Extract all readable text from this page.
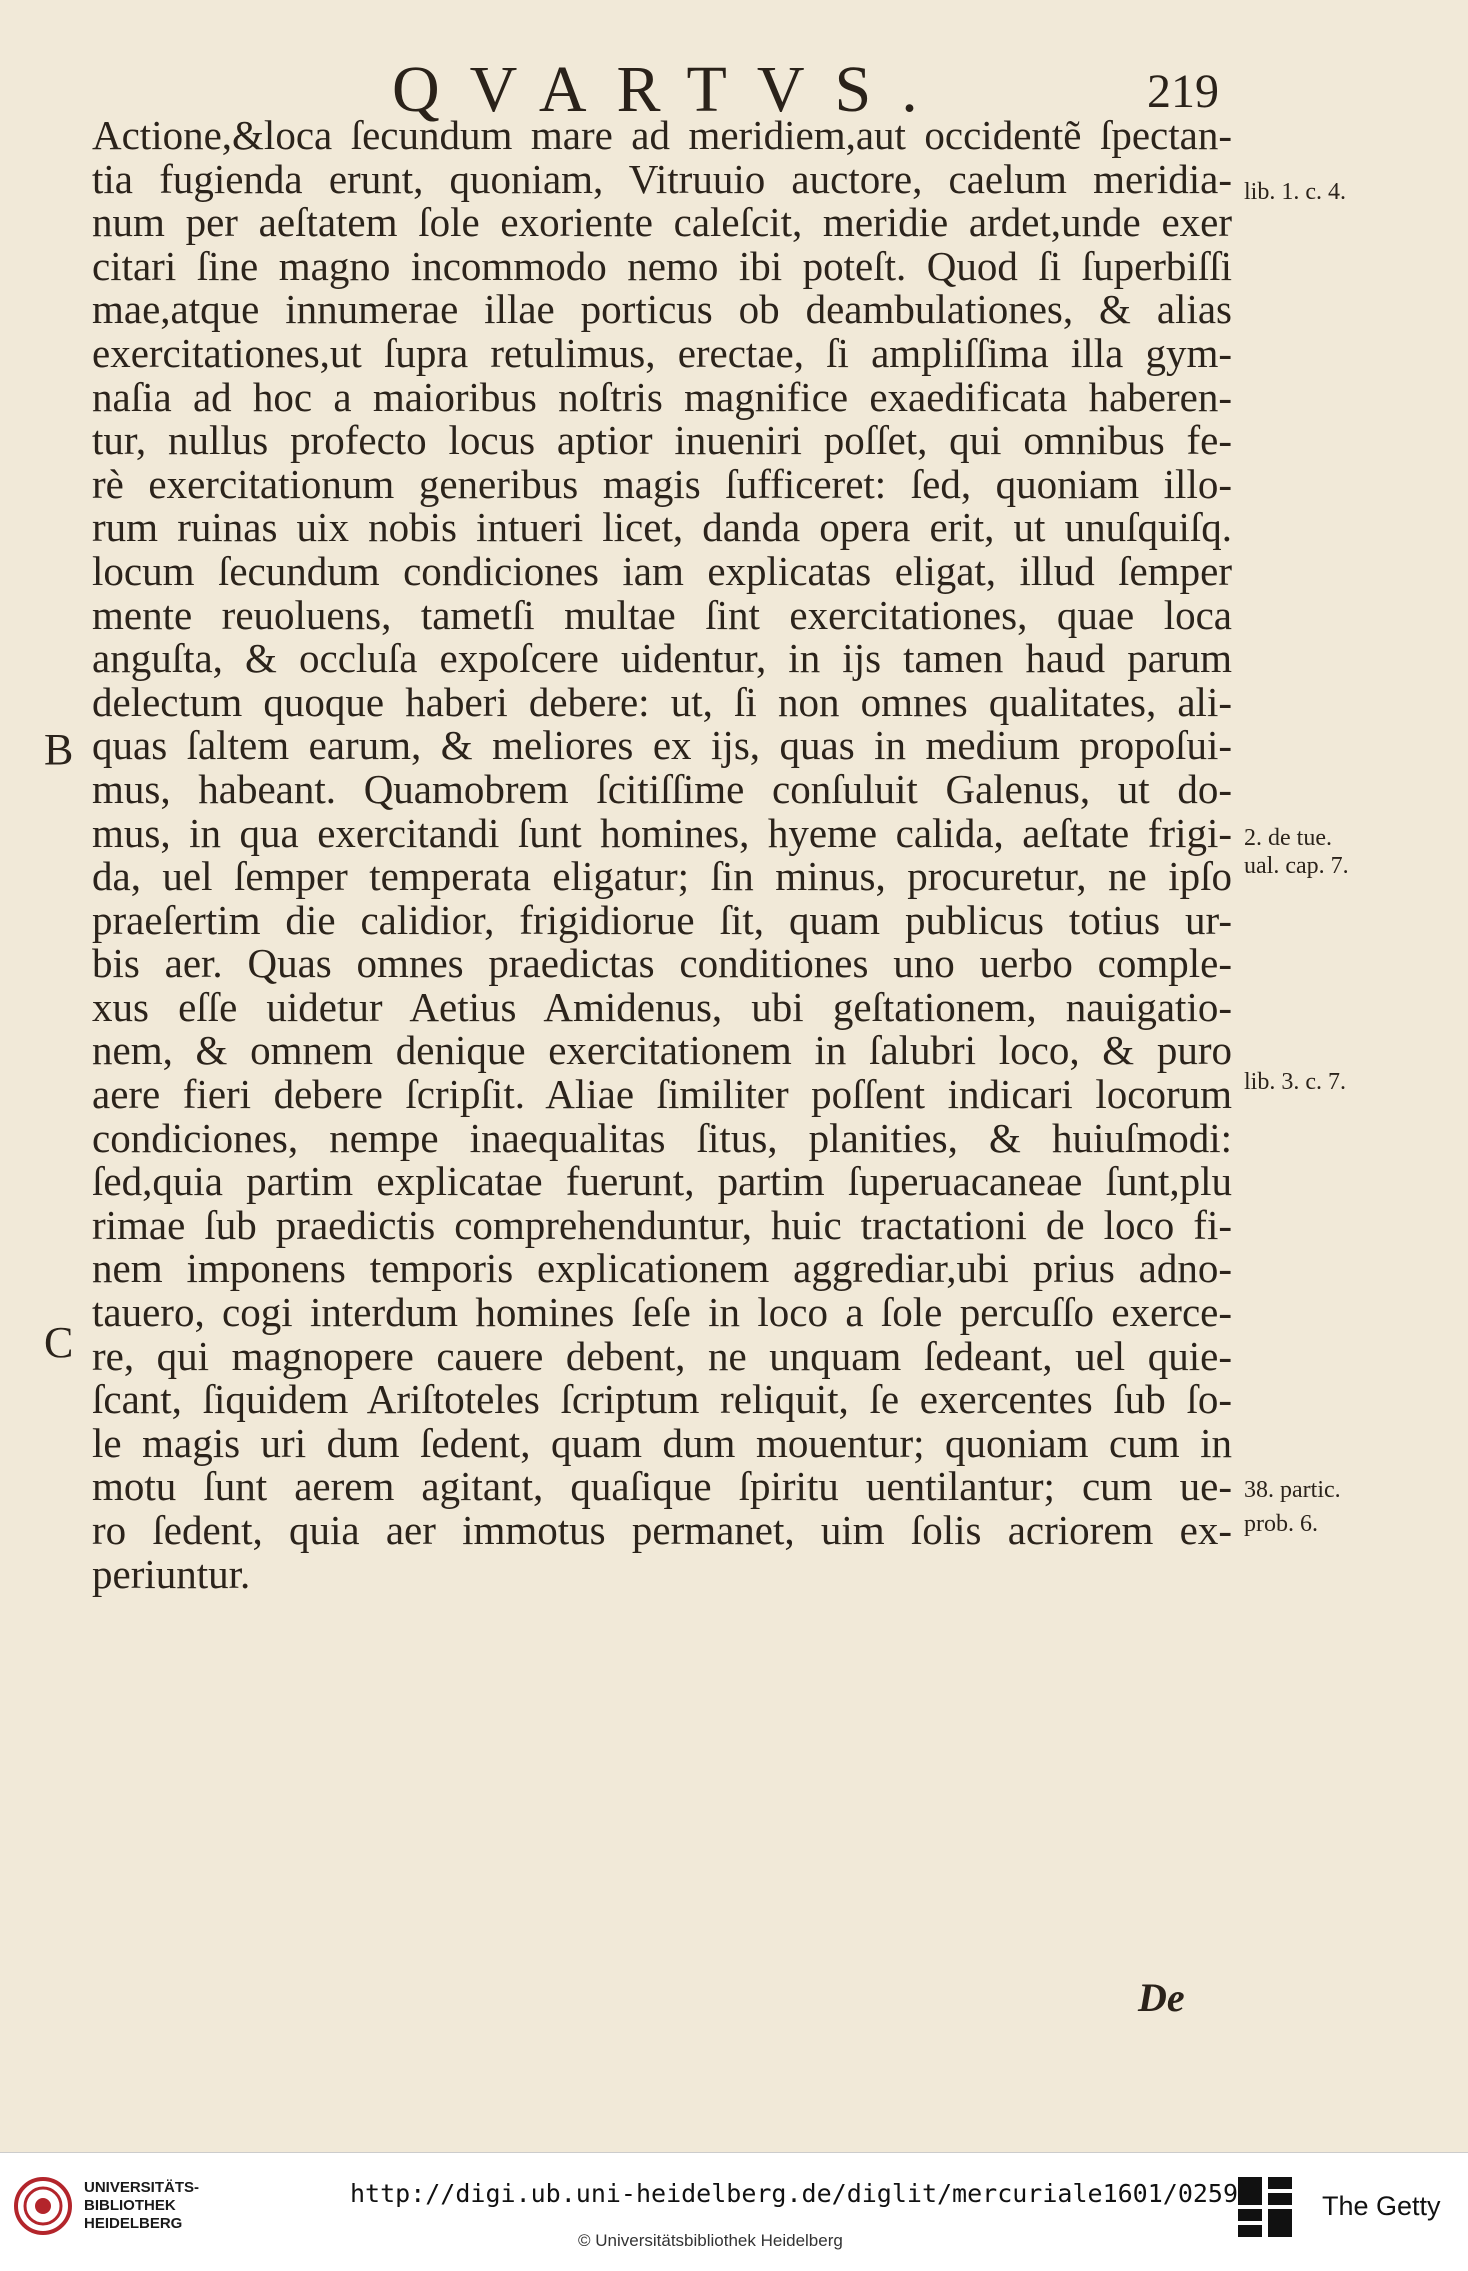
QVARTVS.	219
Actione,&loca ſecundum mare ad meridiem,aut occidentẽ ſpectan-
tia fugienda erunt, quoniam, Vitruuio auctore, caelum meridia-
num per aeſtatem ſole exoriente caleſcit, meridie ardet,unde exer
citari ſine magno incommodo nemo ibi poteſt. Quod ſi ſuperbiſſi
mae,atque innumerae illae porticus ob deambulationes, & alias
exercitationes,ut ſupra retulimus, erectae, ſi ampliſſima illa gym-
naſia ad hoc a maioribus noſtris magnifice exaedificata haberen-
tur, nullus profecto locus aptior inueniri poſſet, qui omnibus fe-
rè exercitationum generibus magis ſufficeret: ſed, quoniam illo-
rum ruinas uix nobis intueri licet, danda opera erit, ut unuſquiſq.
locum ſecundum condiciones iam explicatas eligat, illud ſemper
mente reuoluens, tametſi multae ſint exercitationes, quae loca
anguſta, & occluſa expoſcere uidentur, in ijs tamen haud parum
delectum quoque haberi debere: ut, ſi non omnes qualitates, ali-
quas ſaltem earum, & meliores ex ijs, quas in medium propoſui-
mus, habeant. Quamobrem ſcitiſſime conſuluit Galenus, ut do-
mus, in qua exercitandi ſunt homines, hyeme calida, aeſtate frigi-
da, uel ſemper temperata eligatur; ſin minus, procuretur, ne ipſo
praeſertim die calidior, frigidiorue ſit, quam publicus totius ur-
bis aer. Quas omnes praedictas conditiones uno uerbo comple-
xus eſſe uidetur Aetius Amidenus, ubi geſtationem, nauigatio-
nem, & omnem denique exercitationem in ſalubri loco, & puro
aere fieri debere ſcripſit. Aliae ſimiliter poſſent indicari locorum
condiciones, nempe inaequalitas ſitus, planities, & huiuſmodi:
ſed,quia partim explicatae fuerunt, partim ſuperuacaneae ſunt,plu
rimae ſub praedictis comprehenduntur, huic tractationi de loco fi-
nem imponens temporis explicationem aggrediar,ubi prius adno-
tauero, cogi interdum homines ſeſe in loco a ſole percuſſo exerce-
re, qui magnopere cauere debent, ne unquam ſedeant, uel quie-
ſcant, ſiquidem Ariſtoteles ſcriptum reliquit, ſe exercentes ſub ſo-
le magis uri dum ſedent, quam dum mouentur; quoniam cum in
motu ſunt aerem agitant, quaſique ſpiritu uentilantur; cum ue-
ro ſedent, quia aer immotus permanet, uim ſolis acriorem ex-
periuntur.
B
C
lib. 1. c. 4.
2. de tue.
ual. cap. 7.
lib. 3. c. 7.
38. partic.
prob. 6.
De
UNIVERSITÄTS-
BIBLIOTHEK
HEIDELBERG
http://digi.ub.uni-heidelberg.de/diglit/mercuriale1601/0259
© Universitätsbibliothek Heidelberg
The Getty
